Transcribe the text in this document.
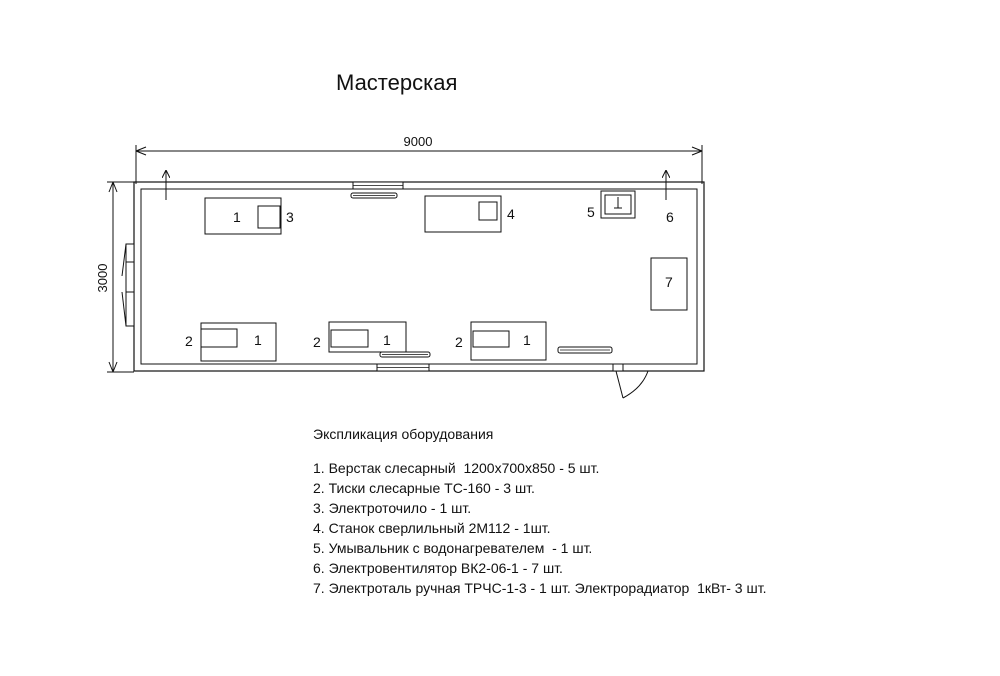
Мастерская
9000
3000
1	3	4	5	6
7
2	1	2	1	2	1
Экспликация оборудования
1. Верстак слесарный  1200х700х850 - 5 шт.
2. Тиски слесарные ТС-160 - 3 шт.
3. Электроточило - 1 шт.
4. Станок сверлильный 2М112 - 1шт.
5. Умывальник с водонагревателем  - 1 шт.
6. Электровентилятор ВК2-06-1 - 7 шт.
7. Электроталь ручная ТРЧС-1-3 - 1 шт. Электрорадиатор  1кВт- 3 шт.
